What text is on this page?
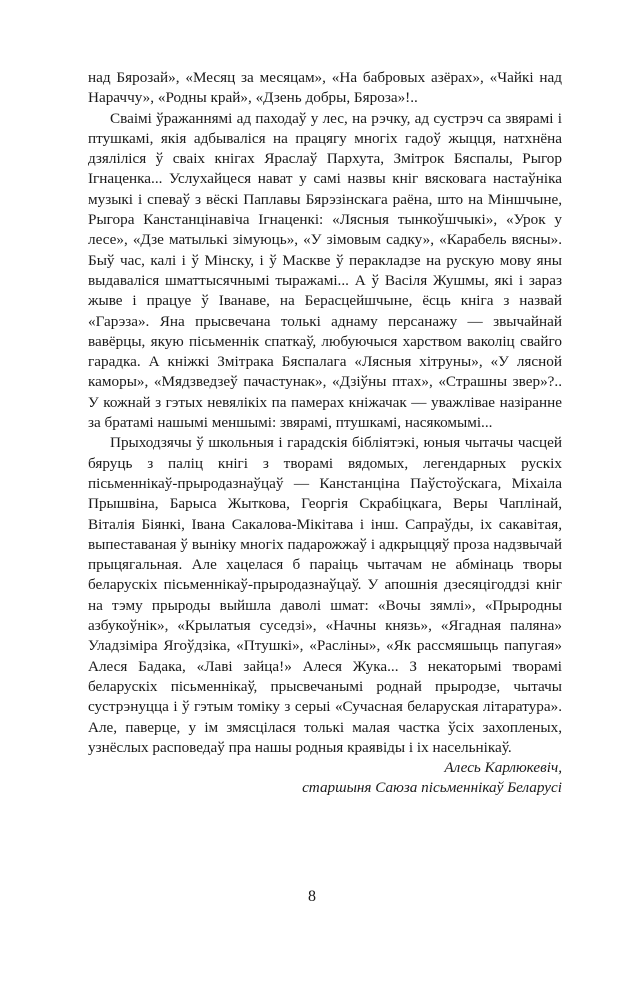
над Бярозай», «Месяц за месяцам», «На бабровых азёрах», «Чайкі над Нараччу», «Родны край», «Дзень добры, Бяроза»!..

Сваімі ўражаннямі ад паходаў у лес, на рэчку, ад сустрэч са звярамі і птушкамі, якія адбываліся на працягу многіх гадоў жыцця, натхнёна дзяліліся ў сваіх кнігах Яраслаў Пархута, Змітрок Бяспалы, Рыгор Ігнаценка... Услухайцеся нават у самі назвы кніг вясковага настаўніка музыкі і спеваў з вёскі Паплавы Бярэзінскага раёна, што на Міншчыне, Рыгора Канстанцінавіча Ігнаценкі: «Лясныя тынкоўшчыкі», «Урок у лесе», «Дзе матылькі зімуюць», «У зімовым садку», «Карабель вясны». Быў час, калі і ў Мінску, і ў Маскве ў перакладзе на рускую мову яны выдаваліся шматтысячнымі тыражамі... А ў Васіля Жушмы, які і зараз жыве і працуе ў Іванаве, на Берасцейшчыне, ёсць кніга з назвай «Гарэза». Яна прысвечана толькі аднаму персанажу — звычайнай вавёрцы, якую пісьменнік спаткаў, любуючыся харством ваколіц свайго гарадка. А кніжкі Змітрака Бяспалага «Лясныя хітруны», «У лясной каморы», «Мядзведзеў пачастунак», «Дзіўны птах», «Страшны звер»?.. У кожнай з гэтых невялікіх па памерах кніжачак — уважлівае назіранне за братамі нашымі меншымі: звярамі, птушкамі, насякомымі...

Прыходзячы ў школьныя і гарадскія бібліятэкі, юныя чытачы часцей бяруць з паліц кнігі з творамі вядомых, легендарных рускіх пісьменнікаў-прыродазнаўцаў — Канстанціна Паўстоўскага, Міхаіла Прышвіна, Барыса Жыткова, Георгія Скрабіцкага, Веры Чаплінай, Віталія Біянкі, Івана Сакалова-Мікітава і інш. Сапраўды, іх сакавітая, выпеставаная ў выніку многіх падарожжаў і адкрыццяў проза надзвычай прыцягальная. Але хацелася б параіць чытачам не абмінаць творы беларускіх пісьменнікаў-прыродазнаўцаў. У апошнія дзесяцігоддзі кніг на тэму прыроды выйшла даволі шмат: «Вочы зямлі», «Прыродны азбукоўнік», «Крылатыя суседзі», «Начны князь», «Ягадная паляна» Уладзіміра Ягоўдзіка, «Птушкі», «Расліны», «Як рассмяшыць папугая» Алеся Бадака, «Лаві зайца!» Алеся Жука... З некаторымі творамі беларускіх пісьменнікаў, прысвечанымі роднай прыродзе, чытачы сустрэнуцца і ў гэтым томіку з серыі «Сучасная беларуская літаратура». Але, паверце, у ім змясцілася толькі малая частка ўсіх захопленых, узнёслых расповедаў пра нашы родныя краявіды і іх насельнікаў.

Алесь Карлюкевіч,

старшыня Саюза пісьменнікаў Беларусі

8
